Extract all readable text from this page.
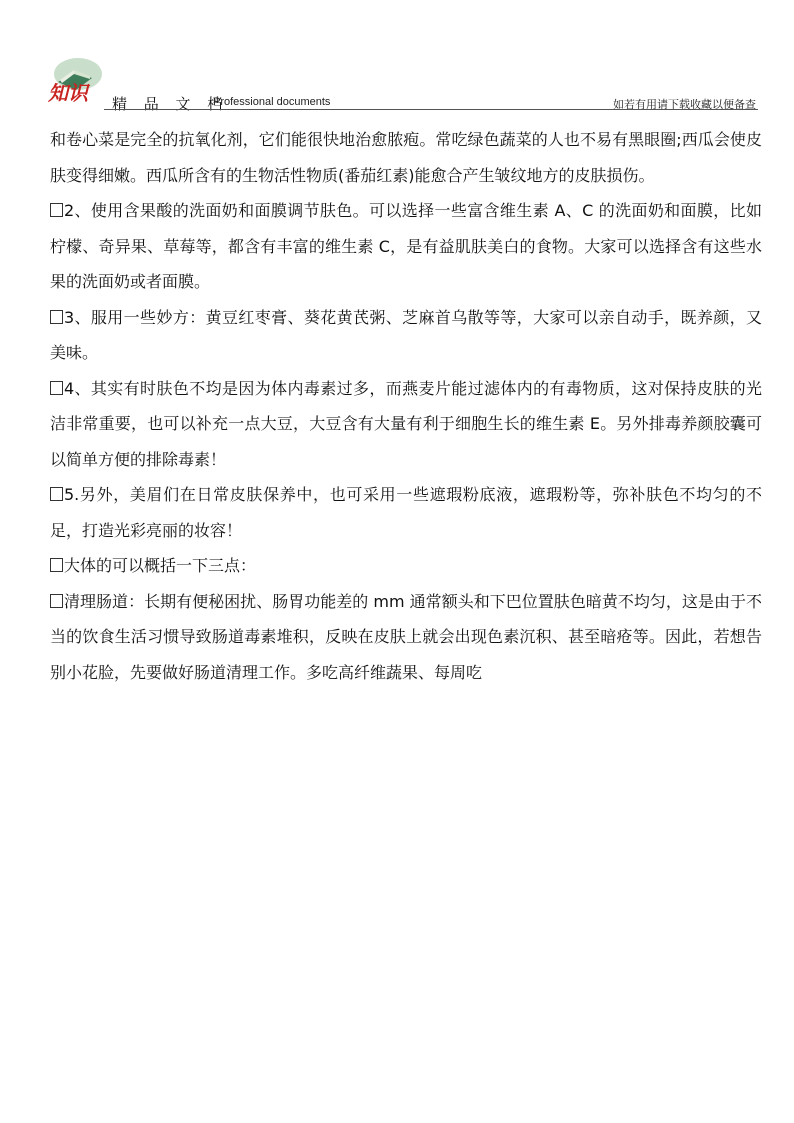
知识 精 品 文 档
Professional documents	如若有用请下载收藏以便备查

和卷心菜是完全的抗氧化剂，它们能很快地治愈脓疱。常吃绿色蔬菜的人也不易有黑眼圈;西瓜会使皮肤变得细嫩。西瓜所含有的生物活性物质(番茄红素)能愈合产生皱纹地方的皮肤损伤。

2、使用含果酸的洗面奶和面膜调节肤色。可以选择一些富含维生素 A、C 的洗面奶和面膜，比如柠檬、奇异果、草莓等，都含有丰富的维生素 C，是有益肌肤美白的食物。大家可以选择含有这些水果的洗面奶或者面膜。

3、服用一些妙方：黄豆红枣膏、葵花黄芪粥、芝麻首乌散等等，大家可以亲自动手，既养颜，又美味。

4、其实有时肤色不均是因为体内毒素过多，而燕麦片能过滤体内的有毒物质，这对保持皮肤的光洁非常重要，也可以补充一点大豆，大豆含有大量有利于细胞生长的维生素 E。另外排毒养颜胶囊可以简单方便的排除毒素！

5.另外，美眉们在日常皮肤保养中，也可采用一些遮瑕粉底液，遮瑕粉等，弥补肤色不均匀的不足，打造光彩亮丽的妆容！

大体的可以概括一下三点：

清理肠道：长期有便秘困扰、肠胃功能差的 mm 通常额头和下巴位置肤色暗黄不均匀，这是由于不当的饮食生活习惯导致肠道毒素堆积，反映在皮肤上就会出现色素沉积、甚至暗疮等。因此，若想告别小花脸，先要做好肠道清理工作。多吃高纤维蔬果、每周吃
